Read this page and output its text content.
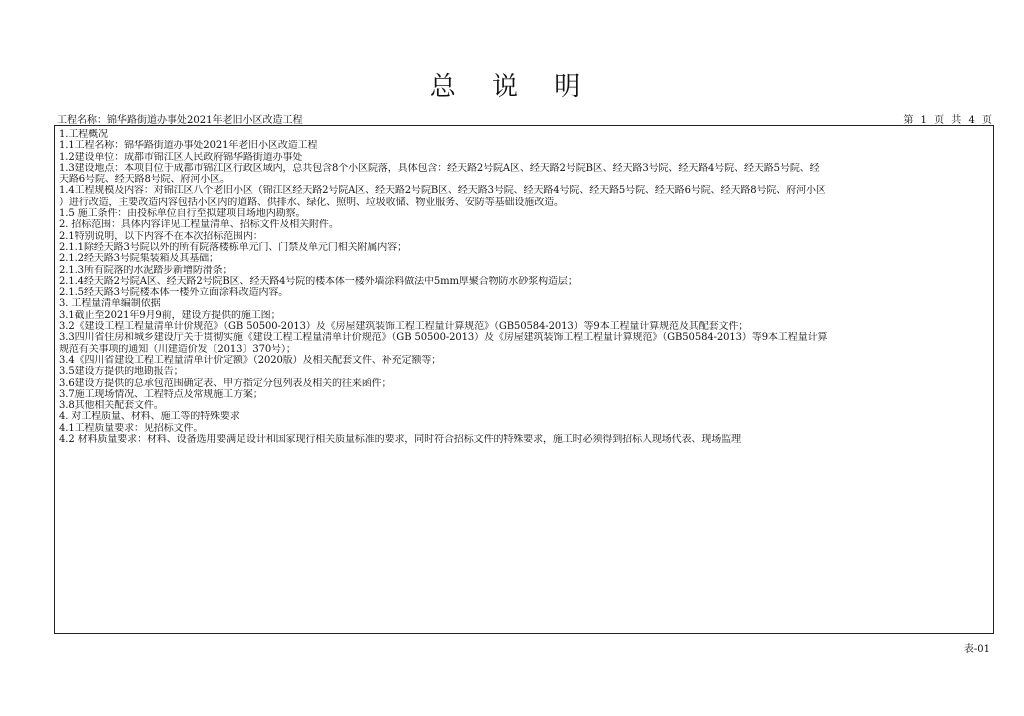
总 说 明
工程名称：锦华路街道办事处2021年老旧小区改造工程	第 1 页 共 4 页
1.工程概况
1.1工程名称：锦华路街道办事处2021年老旧小区改造工程
1.2建设单位：成都市锦江区人民政府锦华路街道办事处
1.3建设地点：本项目位于成都市锦江区行政区域内，总共包含8个小区院落，具体包含：经天路2号院A区、经天路2号院B区、经天路3号院、经天路4号院、经天路5号院、经
天路6号院、经天路8号院、府河小区。
1.4工程规模及内容：对锦江区八个老旧小区（锦江区经天路2号院A区、经天路2号院B区、经天路3号院、经天路4号院、经天路5号院、经天路6号院、经天路8号院、府河小区
）进行改造，主要改造内容包括小区内的道路、供排水、绿化、照明、垃圾收储、物业服务、安防等基础设施改造。
1.5 施工条件：由投标单位自行至拟建项目场地内勘察。
2. 招标范围：具体内容详见工程量清单、招标文件及相关附件。
2.1特别说明，以下内容不在本次招标范围内：
2.1.1除经天路3号院以外的所有院落楼栋单元门、门禁及单元门相关附属内容；
2.1.2经天路3号院集装箱及其基础；
2.1.3所有院落的水泥踏步新增防滑条；
2.1.4经天路2号院A区、经天路2号院B区、经天路4号院的楼本体一楼外墙涂料做法中5mm厚聚合物防水砂浆构造层；
2.1.5经天路3号院楼本体一楼外立面涂料改造内容。
3. 工程量清单编制依据
3.1截止至2021年9月9前，建设方提供的施工图；
3.2《建设工程工程量清单计价规范》（GB 50500-2013）及《房屋建筑装饰工程工程量计算规范》（GB50584-2013）等9本工程量计算规范及其配套文件；
3.3四川省住房和城乡建设厅关于贯彻实施《建设工程工程量清单计价规范》（GB 50500-2013）及《房屋建筑装饰工程工程量计算规范》（GB50584-2013）等9本工程量计算
规范有关事项的通知（川建造价发〔2013〕370号）；
3.4《四川省建设工程工程量清单计价定额》（2020版）及相关配套文件、补充定额等；
3.5建设方提供的地勘报告；
3.6建设方提供的总承包范围确定表、甲方指定分包列表及相关的往来函件；
3.7施工现场情况、工程特点及常规施工方案；
3.8其他相关配套文件。
4. 对工程质量、材料、施工等的特殊要求
4.1工程质量要求：见招标文件。
4.2 材料质量要求：材料、设备选用要满足设计和国家现行相关质量标准的要求，同时符合招标文件的特殊要求，施工时必须得到招标人现场代表、现场监理
表-01
